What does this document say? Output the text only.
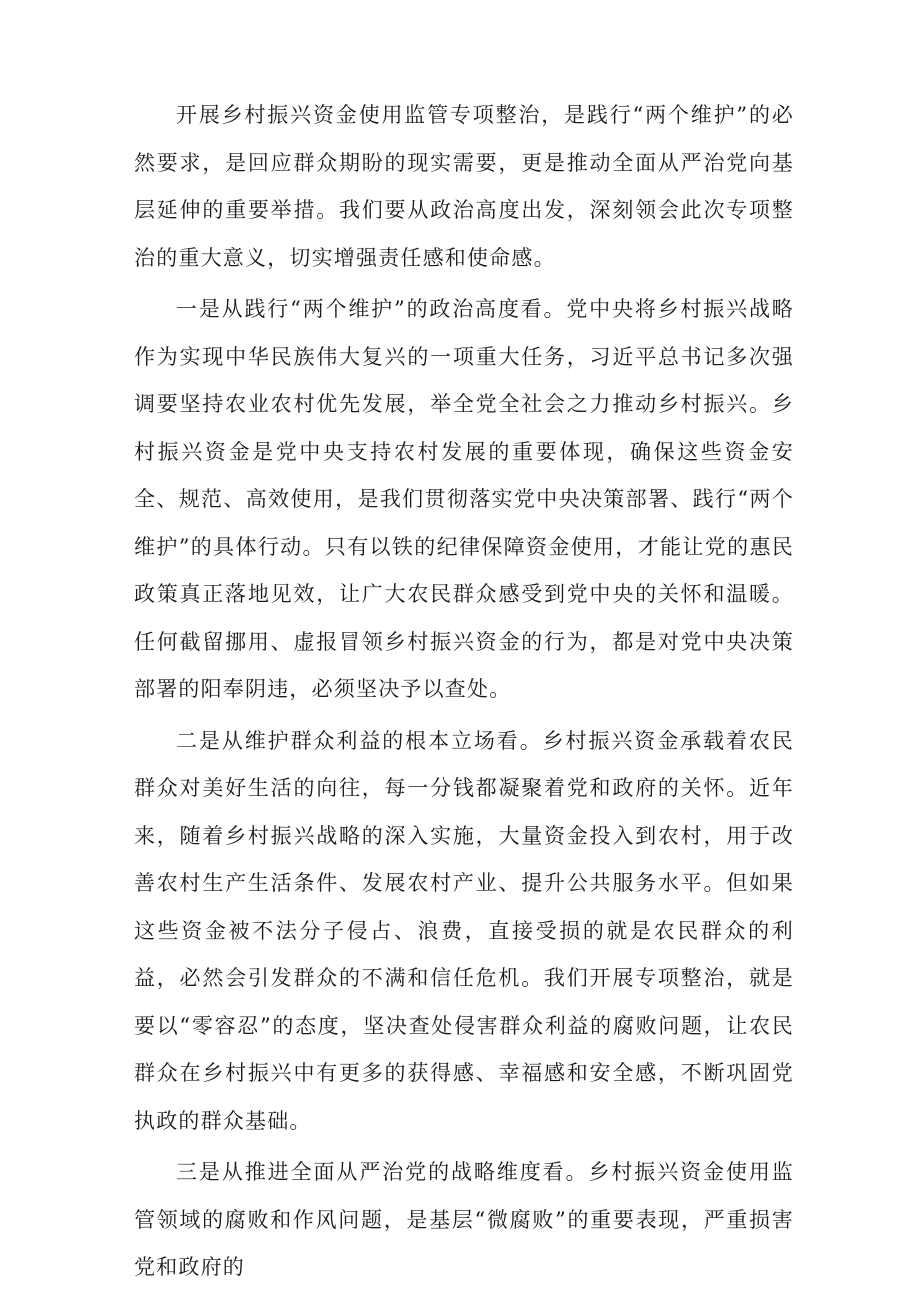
开展乡村振兴资金使用监管专项整治，是践行“两个维护”的必然要求，是回应群众期盼的现实需要，更是推动全面从严治党向基层延伸的重要举措。我们要从政治高度出发，深刻领会此次专项整治的重大意义，切实增强责任感和使命感。

一是从践行“两个维护”的政治高度看。党中央将乡村振兴战略作为实现中华民族伟大复兴的一项重大任务，习近平总书记多次强调要坚持农业农村优先发展，举全党全社会之力推动乡村振兴。乡村振兴资金是党中央支持农村发展的重要体现，确保这些资金安全、规范、高效使用，是我们贯彻落实党中央决策部署、践行“两个维护”的具体行动。只有以铁的纪律保障资金使用，才能让党的惠民政策真正落地见效，让广大农民群众感受到党中央的关怀和温暖。任何截留挪用、虚报冒领乡村振兴资金的行为，都是对党中央决策部署的阳奉阴违，必须坚决予以查处。

二是从维护群众利益的根本立场看。乡村振兴资金承载着农民群众对美好生活的向往，每一分钱都凝聚着党和政府的关怀。近年来，随着乡村振兴战略的深入实施，大量资金投入到农村，用于改善农村生产生活条件、发展农村产业、提升公共服务水平。但如果这些资金被不法分子侵占、浪费，直接受损的就是农民群众的利益，必然会引发群众的不满和信任危机。我们开展专项整治，就是要以“零容忍”的态度，坚决查处侵害群众利益的腐败问题，让农民群众在乡村振兴中有更多的获得感、幸福感和安全感，不断巩固党执政的群众基础。

三是从推进全面从严治党的战略维度看。乡村振兴资金使用监管领域的腐败和作风问题，是基层“微腐败”的重要表现，严重损害党和政府的
